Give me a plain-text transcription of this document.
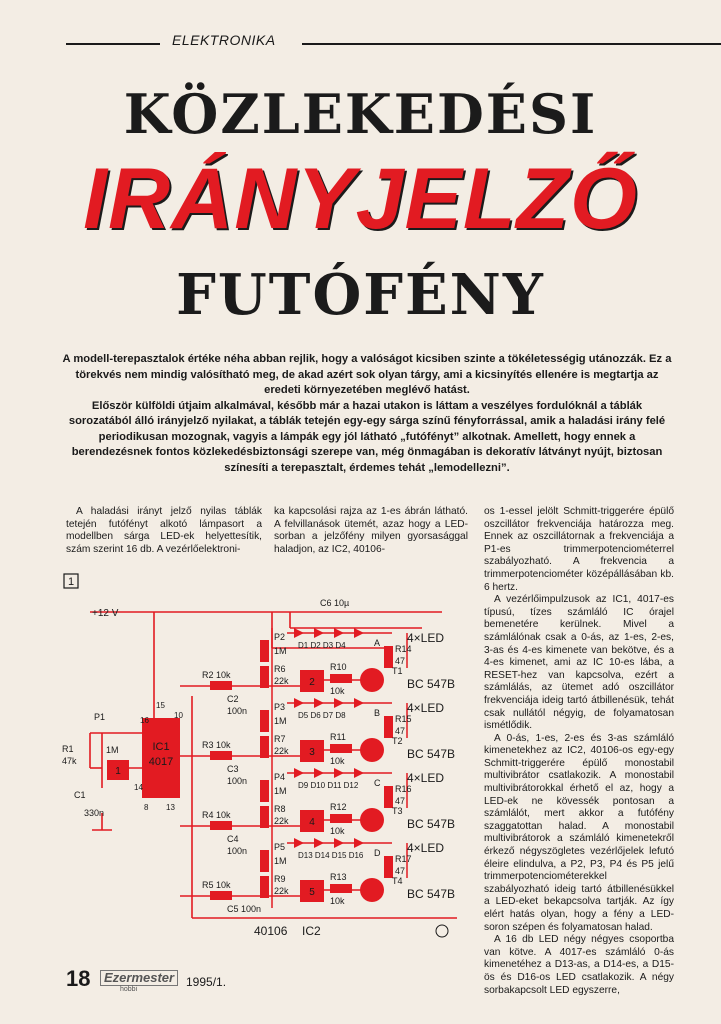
ELEKTRONIKA
KÖZLEKEDÉSI
IRÁNYJELZŐ
FUTÓFÉNY

A modell-terepasztalok értéke néha abban rejlik, hogy a valóságot kicsiben szinte a tökéletességig utánozzák. Ez a törekvés nem mindig valósítható meg, de akad azért sok olyan tárgy, ami a kicsinyítés ellenére is megtartja az eredeti környezetében meglévő hatást.

Először külföldi útjaim alkalmával, később már a hazai utakon is láttam a veszélyes fordulóknál a táblák sorozatából álló irányjelző nyilakat, a táblák tetején egy-egy sárga színű fényforrással, amik a haladási irány felé periodikusan mozognak, vagyis a lámpák egy jól látható „futófényt” alkotnak. Amellett, hogy ennek a berendezésnek fontos közlekedésbiztonsági szerepe van, még önmagában is dekoratív látványt nyújt, biztosan színesíti a terepasztalt, érdemes tehát „lemodellezni”.

A haladási irányt jelző nyilas táblák tetején futófényt alkotó lámpasort a modellben sárga LED-ek helyettesítik, szám szerint 16 db. A vezérlőelektroni-

ka kapcsolási rajza az 1-es ábrán látható. A felvillanások ütemét, azaz hogy a LED-sorban a jelzőfény milyen gyorsasággal haladjon, az IC2, 40106-

os 1-essel jelölt Schmitt-triggerére épülő oszcillátor frekvenciája határozza meg. Ennek az oszcillátornak a frekvenciája a P1-es trimmerpotenciométerrel szabályozható. A frekvencia a trimmerpotenciométer középállásában kb. 6 hertz.

A vezérlőimpulzusok az IC1, 4017-es típusú, tízes számláló IC órajel bemenetére kerülnek. Mivel a számlálónak csak a 0-ás, az 1-es, 2-es, 3-as és 4-es kimenete van bekötve, és a 4-es kimenet, ami az IC 10-es lába, a RESET-hez van kapcsolva, ezért a számlálás, az ütemet adó oszcillátor frekvenciája ideig tartó átbillenésük, tehát csak nullától négyig, de folyamatosan ismétlődik.

A 0-ás, 1-es, 2-es és 3-as számláló kimenetekhez az IC2, 40106-os egy-egy Schmitt-triggerére épülő monostabil multivibrátor csatlakozik. A monostabil multivibrátorokkal érhető el az, hogy a LED-ek ne kövessék pontosan a számlálót, mert akkor a futófény szaggatottan halad. A monostabil multivibrátorok a számláló kimenetekről érkező négyszögletes vezérlőjelek lefutó éleire elindulva, a P2, P3, P4 és P5 jelű trimmerpotenciométerekkel szabályozható ideig tartó átbillenésükkel a LED-eket bekapcsolva tartják. Az így elért hatás olyan, hogy a fény a LED-soron szépen és folyamatosan halad.

A 16 db LED négy négyes csoportba van kötve. A 4017-es számláló 0-ás kimenetéhez a D13-as, a D14-es, a D15-ös és D16-os LED csatlakozik. A négy sorbakapcsolt LED egyszerre,

IC1
4017
1
R2 10k
C2
100n
P2
1M
R6
22k 2
D1 D2 D3 D4	A
R10
10k
R14
47
T1
4×LED
BC 547B
R3 10k
C3
100n
P3
1M
R7
22k 3
D5 D6 D7 D8	B
R11
10k
R15
47
T2
4×LED
BC 547B
R4 10k
C4
100n
P4
1M
R8
22k 4
D9 D10 D11 D12 C
R12
10k
R16
47
T3
4×LED
BC 547B
R5 10k
C5 100n
P5
1M
R9
22k 5
D13 D14 D15 D16 D
R13
10k
R17
47
T4
4×LED
BC 547B
1
+12 V
C6 10µ
P1
1M
R1
47k
C1
330n
16
15
10
14
8 13
40106 IC2
18	Ezermester
hobbi
1995/1.
